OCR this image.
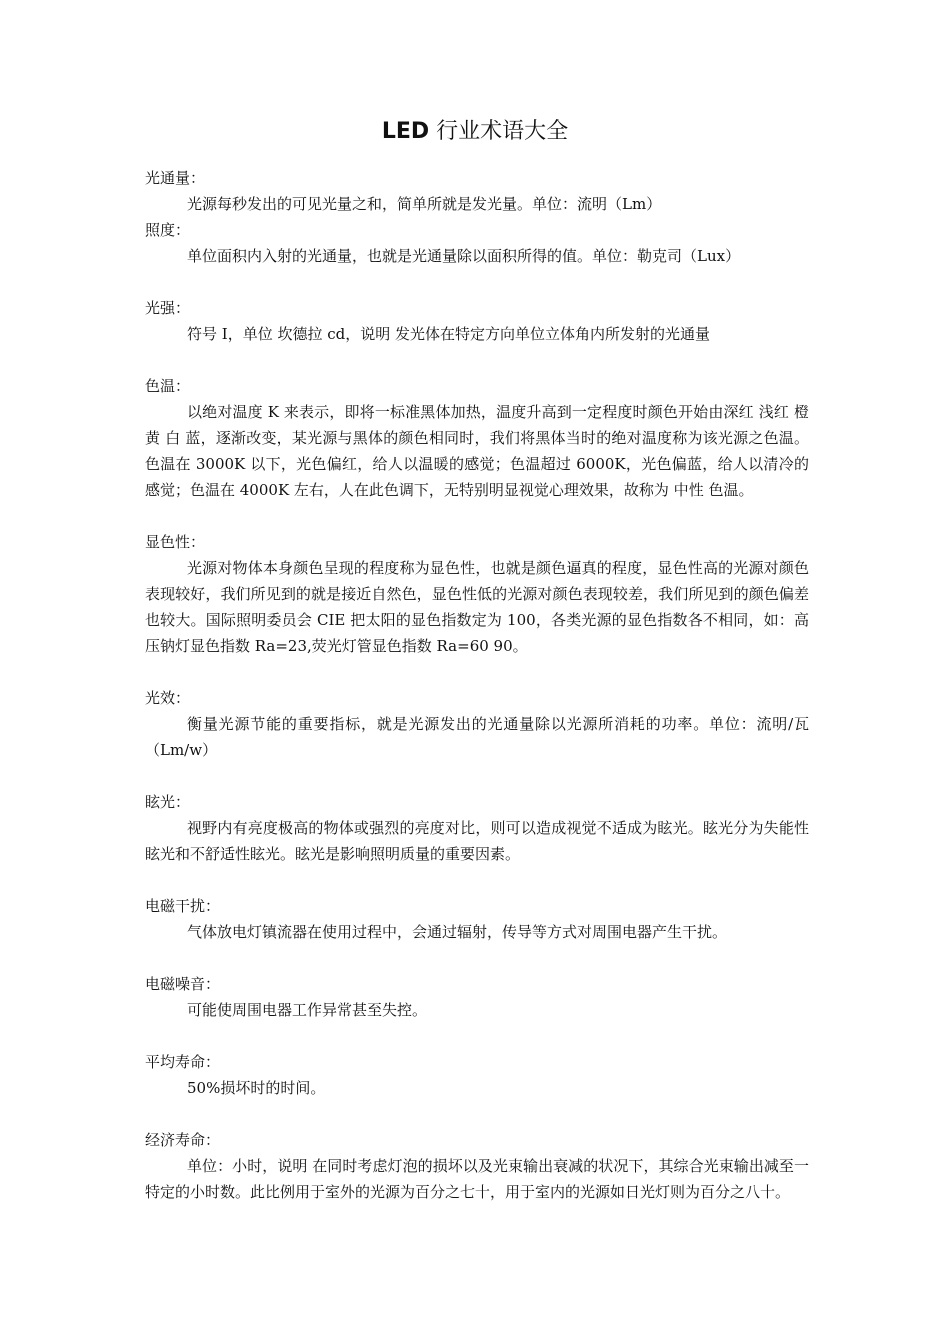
LED 行业术语大全

光通量：

光源每秒发出的可见光量之和，简单所就是发光量。单位：流明（Lm）

照度：

单位面积内入射的光通量，也就是光通量除以面积所得的值。单位：勒克司（Lux）

光强：

符号 I，单位 坎德拉 cd，说明 发光体在特定方向单位立体角内所发射的光通量

色温：

以绝对温度 K 来表示，即将一标准黑体加热，温度升高到一定程度时颜色开始由深红 浅红 橙黄 白 蓝，逐渐改变，某光源与黑体的颜色相同时，我们将黑体当时的绝对温度称为该光源之色温。色温在 3000K 以下，光色偏红，给人以温暖的感觉；色温超过 6000K，光色偏蓝，给人以清冷的感觉；色温在 4000K 左右，人在此色调下，无特别明显视觉心理效果，故称为 中性 色温。

显色性：

光源对物体本身颜色呈现的程度称为显色性，也就是颜色逼真的程度，显色性高的光源对颜色表现较好，我们所见到的就是接近自然色，显色性低的光源对颜色表现较差，我们所见到的颜色偏差也较大。国际照明委员会 CIE 把太阳的显色指数定为 100，各类光源的显色指数各不相同，如：高压钠灯显色指数 Ra=23,荧光灯管显色指数 Ra=60 90。

光效：

衡量光源节能的重要指标，就是光源发出的光通量除以光源所消耗的功率。单位：流明/瓦（Lm/w）

眩光：

视野内有亮度极高的物体或强烈的亮度对比，则可以造成视觉不适成为眩光。眩光分为失能性眩光和不舒适性眩光。眩光是影响照明质量的重要因素。

电磁干扰：

气体放电灯镇流器在使用过程中，会通过辐射，传导等方式对周围电器产生干扰。

电磁噪音：

可能使周围电器工作异常甚至失控。

平均寿命：

50%损坏时的时间。

经济寿命：

单位：小时，说明 在同时考虑灯泡的损坏以及光束输出衰减的状况下，其综合光束输出减至一特定的小时数。此比例用于室外的光源为百分之七十，用于室内的光源如日光灯则为百分之八十。
